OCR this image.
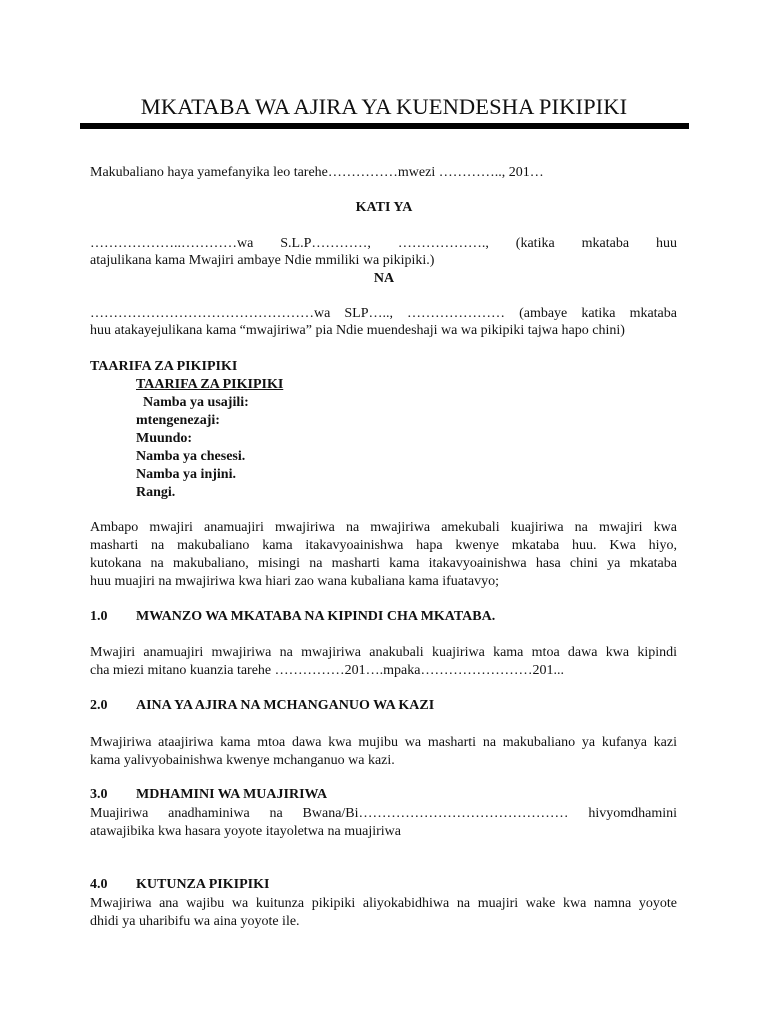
MKATABA WA AJIRA YA KUENDESHA PIKIPIKI
Makubaliano haya yamefanyika leo tarehe……………mwezi ………….., 201…
KATI YA
………………..…………wa S.L.P…………, ………………., (katika mkataba huu
atajulikana kama Mwajiri ambaye Ndie mmiliki wa pikipiki.)
NA
…………………………………………wa SLP….., ………………… (ambaye katika mkataba
huu atakayejulikana kama “mwajiriwa” pia Ndie muendeshaji wa wa pikipiki tajwa hapo chini)
TAARIFA ZA PIKIPIKI
TAARIFA ZA PIKIPIKI
Namba ya usajili:
mtengenezaji:
Muundo:
Namba ya chesesi.
Namba ya injini.
Rangi.
Ambapo mwajiri anamuajiri mwajiriwa na mwajiriwa amekubali kuajiriwa na mwajiri kwa
masharti na makubaliano kama itakavyoainishwa hapa kwenye mkataba huu. Kwa hiyo,
kutokana na makubaliano, misingi na masharti kama itakavyoainishwa hasa chini ya mkataba
huu muajiri na mwajiriwa kwa hiari zao wana kubaliana kama ifuatavyo;
1.0 MWANZO WA MKATABA NA KIPINDI CHA MKATABA.
Mwajiri anamuajiri mwajiriwa na mwajiriwa anakubali kuajiriwa kama mtoa dawa kwa kipindi
cha miezi mitano kuanzia tarehe ……………201….mpaka……………………201...
2.0 AINA YA AJIRA NA MCHANGANUO WA KAZI
Mwajiriwa ataajiriwa kama mtoa dawa kwa mujibu wa masharti na makubaliano ya kufanya kazi
kama yalivyobainishwa kwenye mchanganuo wa kazi.
3.0 MDHAMINI WA MUAJIRIWA
Muajiriwa anadhaminiwa na Bwana/Bi……………………………………… hivyomdhamini
atawajibika kwa hasara yoyote itayoletwa na muajiriwa
4.0 KUTUNZA PIKIPIKI
Mwajiriwa ana wajibu wa kuitunza pikipiki aliyokabidhiwa na muajiri wake kwa namna yoyote
dhidi ya uharibifu wa aina yoyote ile.
